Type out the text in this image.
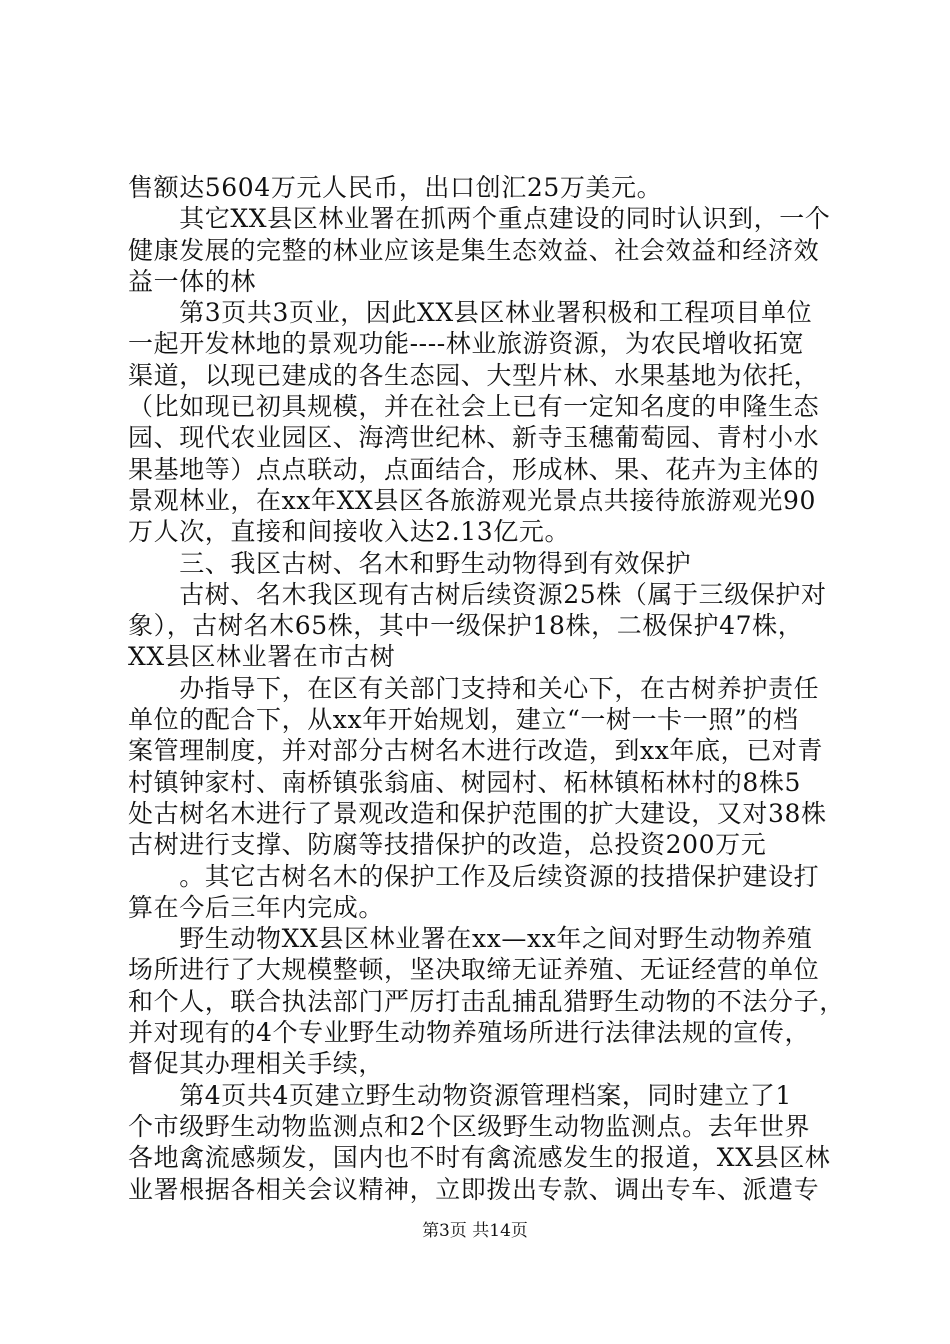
售额达5604万元人民币，出口创汇25万美元。
　　其它XX县区林业署在抓两个重点建设的同时认识到，一个
健康发展的完整的林业应该是集生态效益、社会效益和经济效
益一体的林
　　第3页共3页业，因此XX县区林业署积极和工程项目单位
一起开发林地的景观功能----林业旅游资源，为农民增收拓宽
渠道，以现已建成的各生态园、大型片林、水果基地为依托，
（比如现已初具规模，并在社会上已有一定知名度的申隆生态
园、现代农业园区、海湾世纪林、新寺玉穗葡萄园、青村小水
果基地等）点点联动，点面结合，形成林、果、花卉为主体的
景观林业，在xx年XX县区各旅游观光景点共接待旅游观光90
万人次，直接和间接收入达2.13亿元。
　　三、我区古树、名木和野生动物得到有效保护
　　古树、名木我区现有古树后续资源25株（属于三级保护对
象），古树名木65株，其中一级保护18株，二极保护47株，
XX县区林业署在市古树
　　办指导下，在区有关部门支持和关心下，在古树养护责任
单位的配合下，从xx年开始规划，建立“一树一卡一照”的档
案管理制度，并对部分古树名木进行改造，到xx年底，已对青
村镇钟家村、南桥镇张翁庙、树园村、柘林镇柘林村的8株5
处古树名木进行了景观改造和保护范围的扩大建设，又对38株
古树进行支撑、防腐等技措保护的改造，总投资200万元
　　。其它古树名木的保护工作及后续资源的技措保护建设打
算在今后三年内完成。
　　野生动物XX县区林业署在xx—xx年之间对野生动物养殖
场所进行了大规模整顿，坚决取缔无证养殖、无证经营的单位
和个人，联合执法部门严厉打击乱捕乱猎野生动物的不法分子，
并对现有的4个专业野生动物养殖场所进行法律法规的宣传，
督促其办理相关手续，
　　第4页共4页建立野生动物资源管理档案，同时建立了1
个市级野生动物监测点和2个区级野生动物监测点。去年世界
各地禽流感频发，国内也不时有禽流感发生的报道，XX县区林
业署根据各相关会议精神，立即拨出专款、调出专车、派遣专
第3页 共14页
